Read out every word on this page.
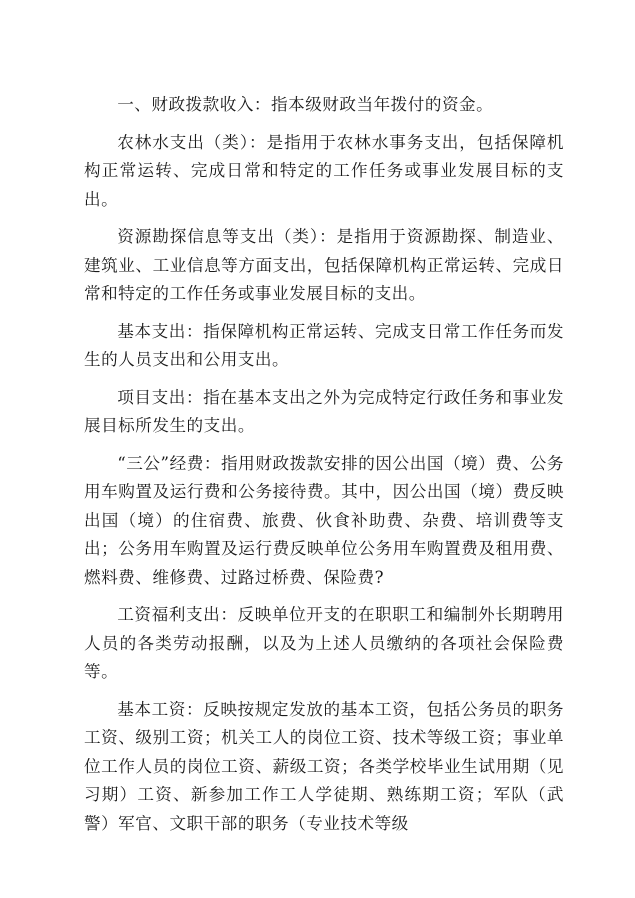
一、财政拨款收入：指本级财政当年拨付的资金。

农林水支出（类）：是指用于农林水事务支出，包括保障机构正常运转、完成日常和特定的工作任务或事业发展目标的支出。

资源勘探信息等支出（类）：是指用于资源勘探、制造业、建筑业、工业信息等方面支出，包括保障机构正常运转、完成日常和特定的工作任务或事业发展目标的支出。

基本支出：指保障机构正常运转、完成支日常工作任务而发生的人员支出和公用支出。

项目支出：指在基本支出之外为完成特定行政任务和事业发展目标所发生的支出。

“三公”经费：指用财政拨款安排的因公出国（境）费、公务用车购置及运行费和公务接待费。其中，因公出国（境）费反映出国（境）的住宿费、旅费、伙食补助费、杂费、培训费等支出；公务用车购置及运行费反映单位公务用车购置费及租用费、燃料费、维修费、过路过桥费、保险费?

工资福利支出：反映单位开支的在职职工和编制外长期聘用人员的各类劳动报酬，以及为上述人员缴纳的各项社会保险费等。

基本工资：反映按规定发放的基本工资，包括公务员的职务工资、级别工资；机关工人的岗位工资、技术等级工资；事业单位工作人员的岗位工资、薪级工资；各类学校毕业生试用期（见习期）工资、新参加工作工人学徒期、熟练期工资；军队（武警）军官、文职干部的职务（专业技术等级
